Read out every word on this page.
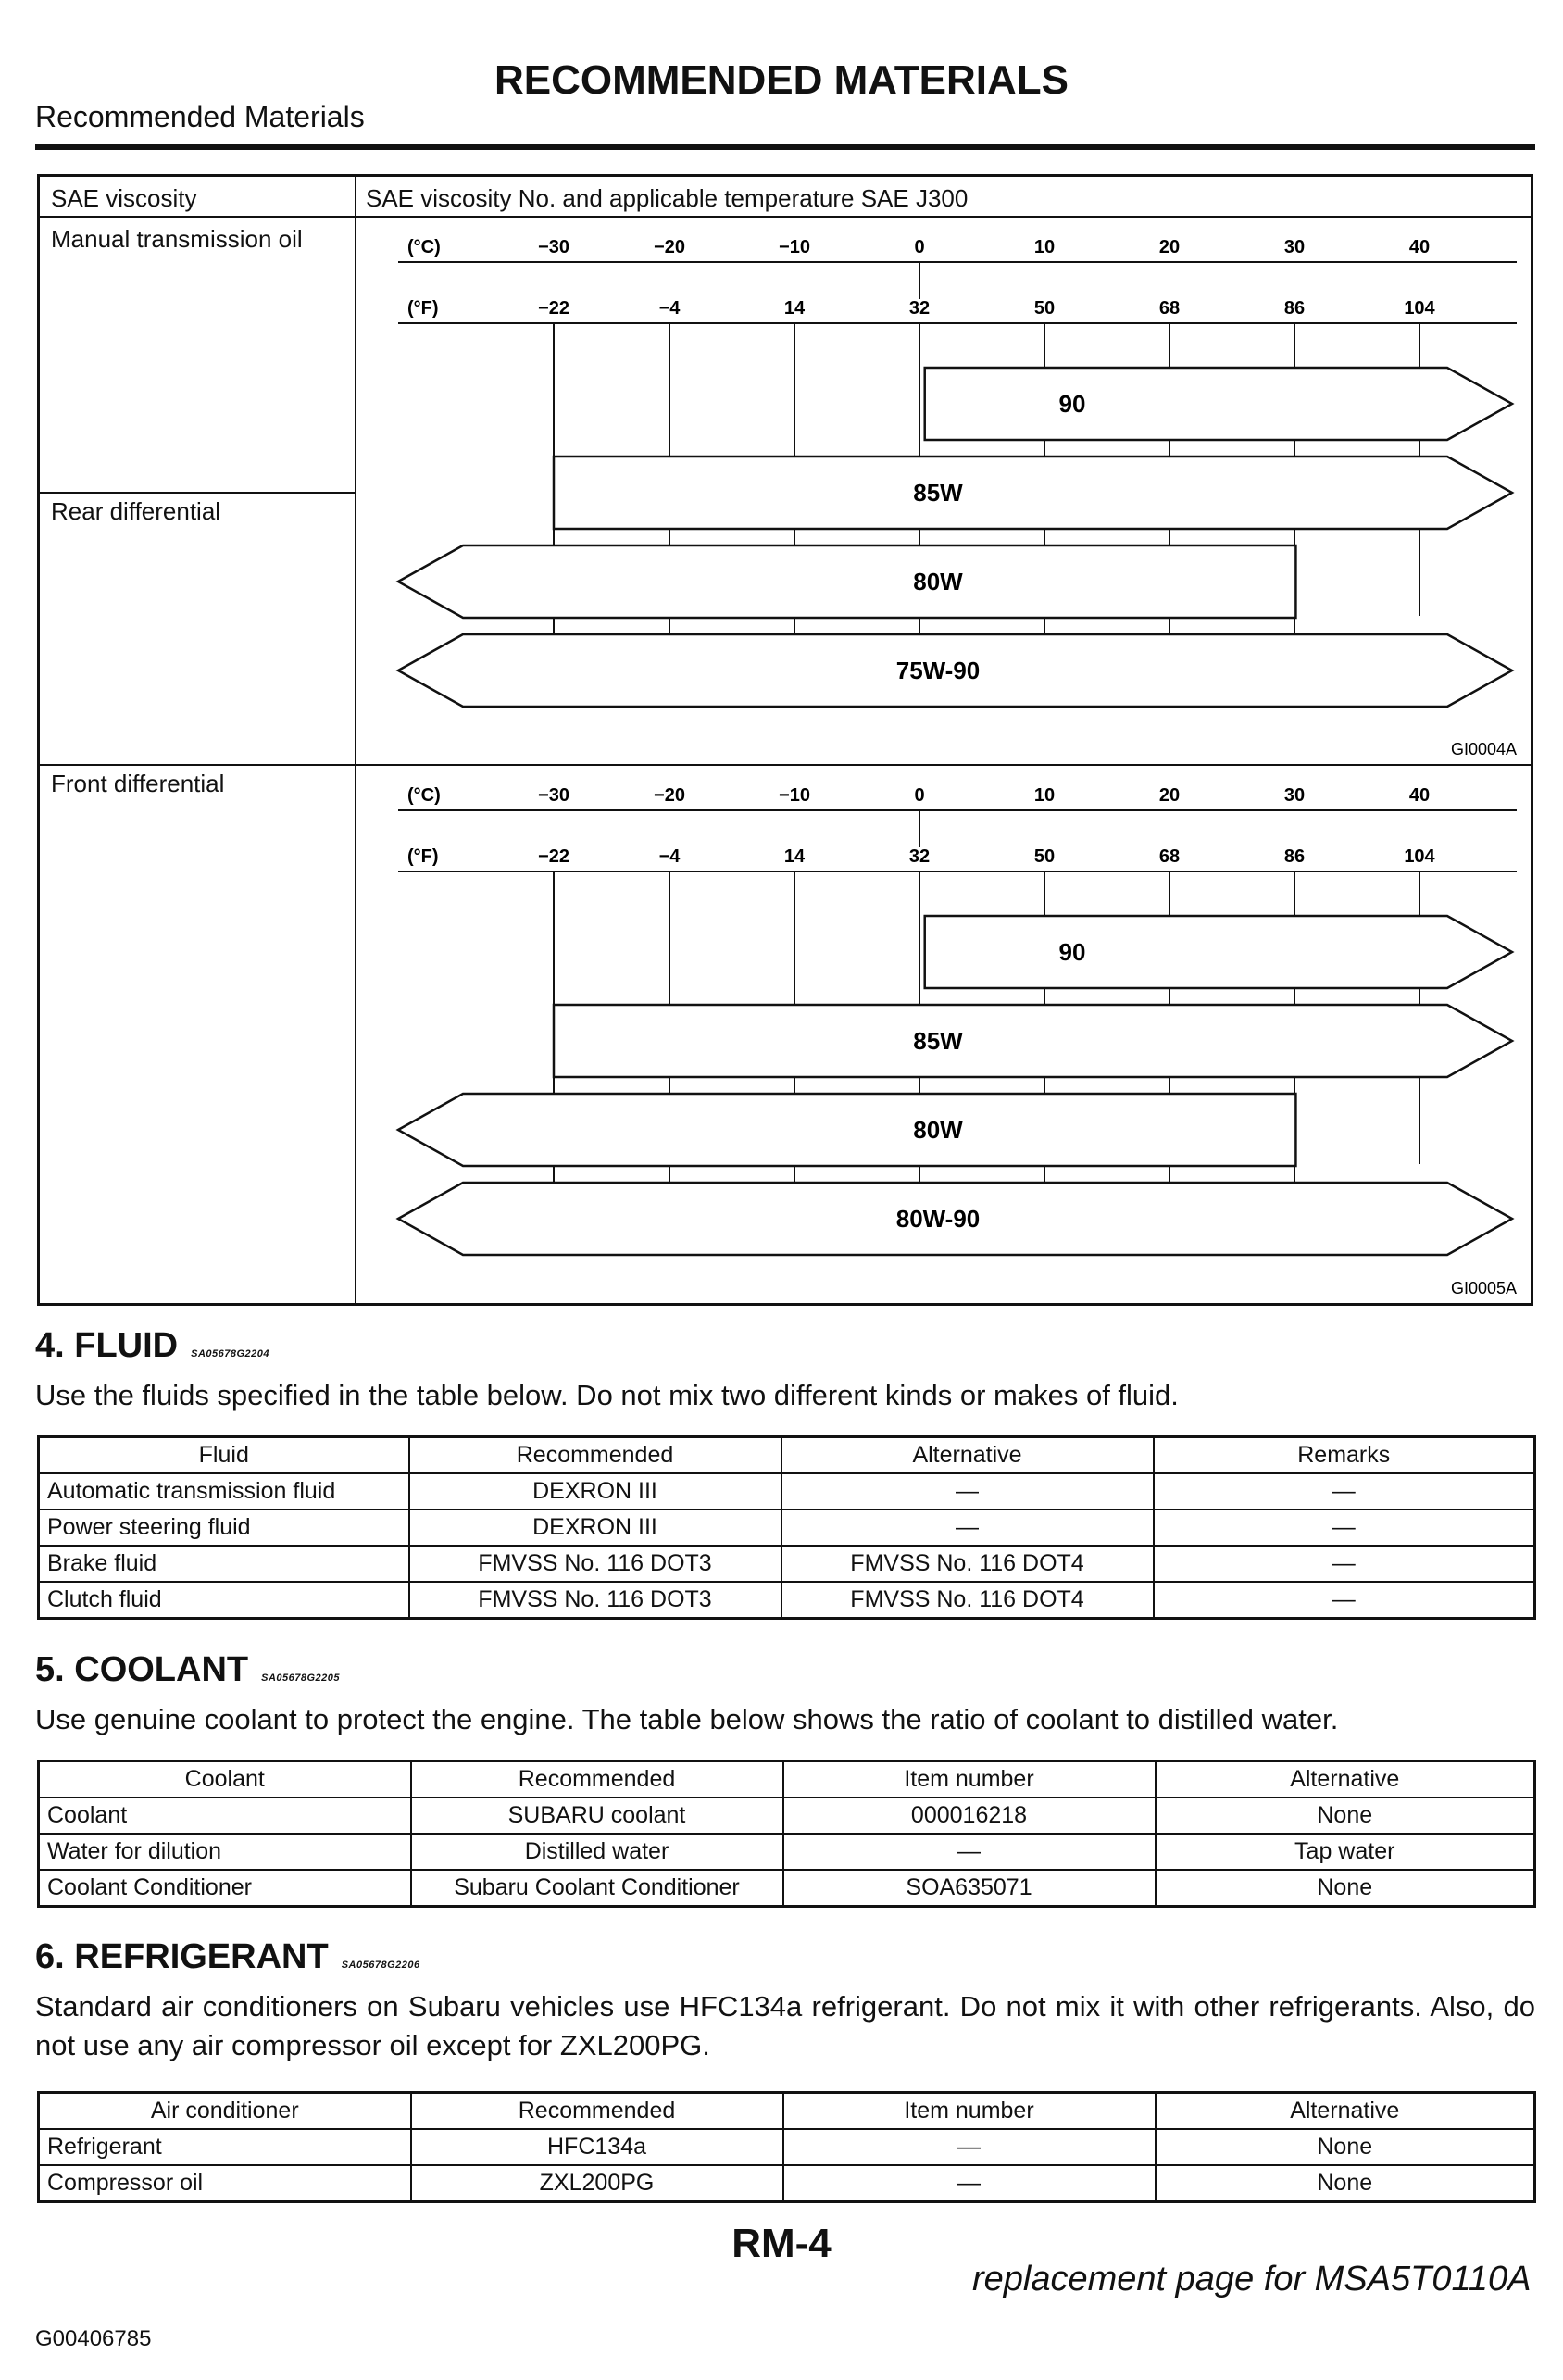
RECOMMENDED MATERIALS
Recommended Materials
SAE viscosity	SAE viscosity No. and applicable temperature SAE J300
Manual transmission oil
Rear differential
Front differential
(°C)
(°F)
−30	−20	−10	0	10	20	30	40
−22	−4	14	32	50	68	86	104
90
85W
80W
75W-90
GI0004A
(°C)
(°F)
−30	−20	−10	0	10	20	30	40
−22	−4	14	32	50	68	86	104
90
85W
80W
80W-90
GI0005A
4. FLUID SA05678G2204
Use the fluids specified in the table below. Do not mix two different kinds or makes of fluid.
Fluid	Recommended	Alternative	Remarks
Automatic transmission fluid	DEXRON III	—	—
Power steering fluid	DEXRON III	—	—
Brake fluid	FMVSS No. 116 DOT3	FMVSS No. 116 DOT4	—
Clutch fluid	FMVSS No. 116 DOT3	FMVSS No. 116 DOT4	—
5. COOLANT SA05678G2205
Use genuine coolant to protect the engine. The table below shows the ratio of coolant to distilled water.
Coolant	Recommended	Item number	Alternative
Coolant	SUBARU coolant	000016218	None
Water for dilution	Distilled water	—	Tap water
Coolant Conditioner	Subaru Coolant Conditioner	SOA635071	None
6. REFRIGERANT SA05678G2206
Standard air conditioners on Subaru vehicles use HFC134a refrigerant. Do not mix it with other refrigerants. Also, do not use any air compressor oil except for ZXL200PG.
Air conditioner	Recommended	Item number	Alternative
Refrigerant	HFC134a	—	None
Compressor oil	ZXL200PG	—	None
RM-4
replacement page for MSA5T0110A
G00406785
